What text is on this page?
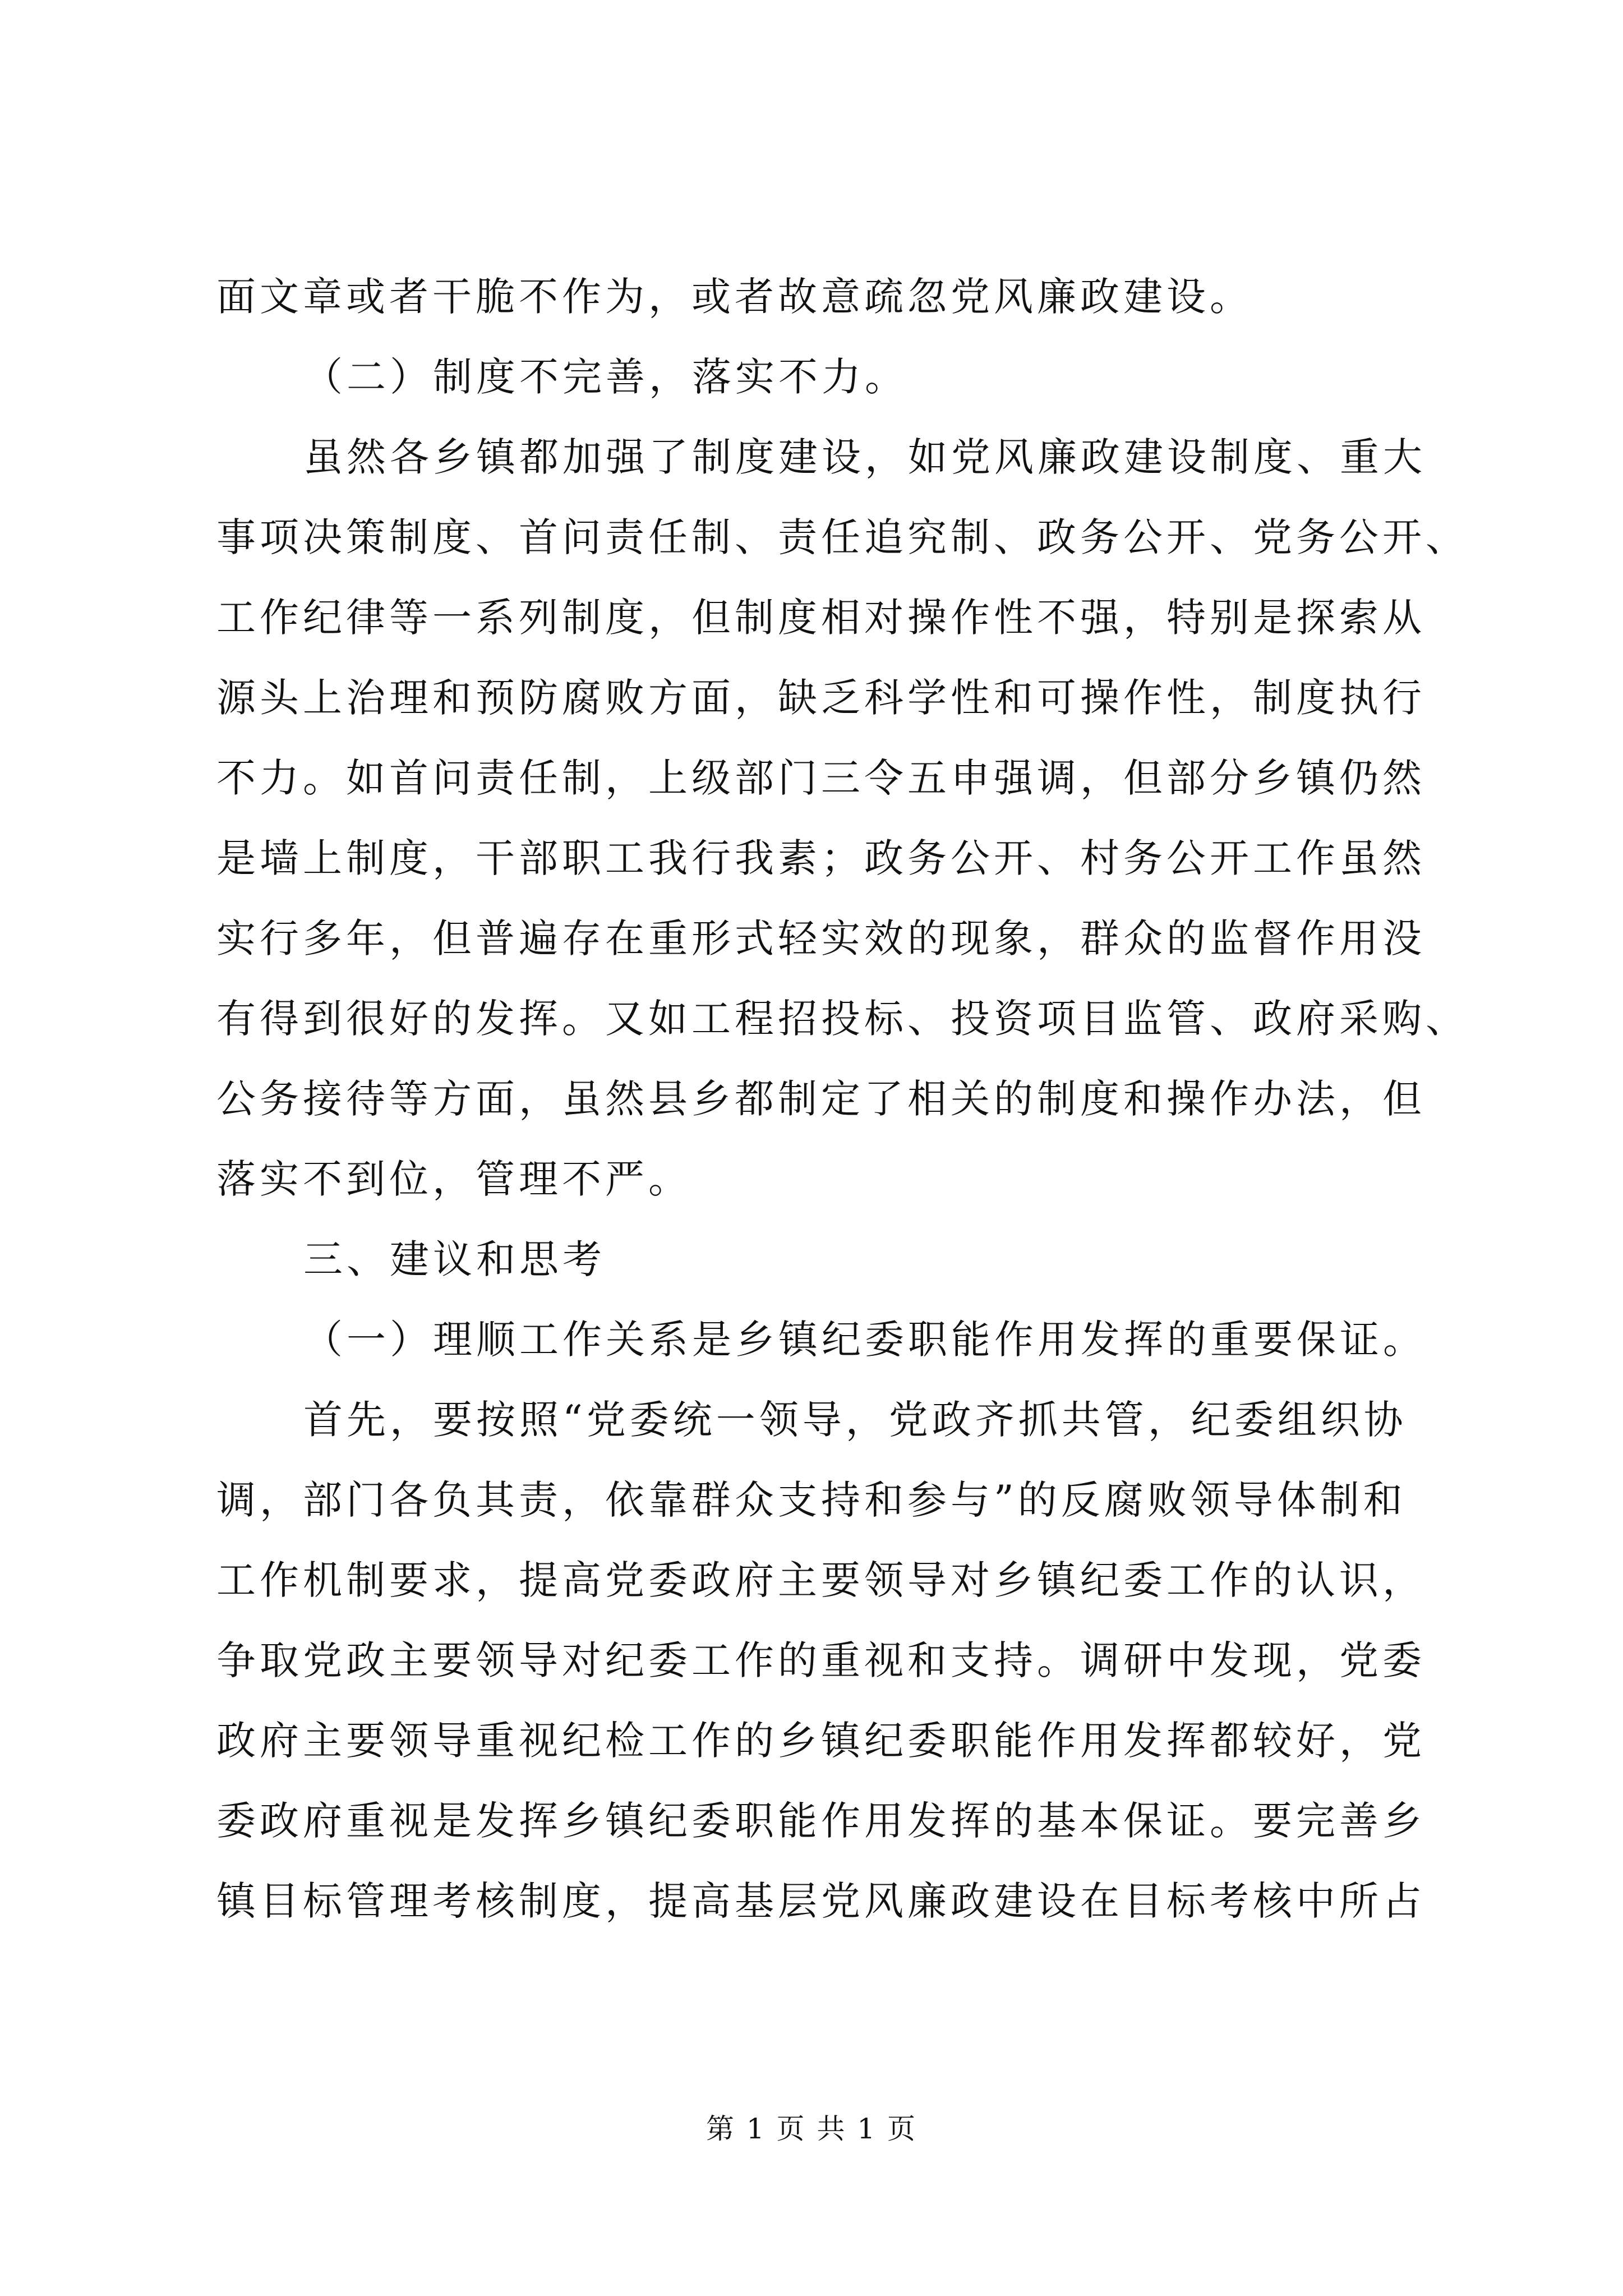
面文章或者干脆不作为，或者故意疏忽党风廉政建设。
（二）制度不完善，落实不力。
虽然各乡镇都加强了制度建设，如党风廉政建设制度、重大
事项决策制度、首问责任制、责任追究制、政务公开、党务公开、
工作纪律等一系列制度，但制度相对操作性不强，特别是探索从
源头上治理和预防腐败方面，缺乏科学性和可操作性，制度执行
不力。如首问责任制，上级部门三令五申强调，但部分乡镇仍然
是墙上制度，干部职工我行我素；政务公开、村务公开工作虽然
实行多年，但普遍存在重形式轻实效的现象，群众的监督作用没
有得到很好的发挥。又如工程招投标、投资项目监管、政府采购、
公务接待等方面，虽然县乡都制定了相关的制度和操作办法，但
落实不到位，管理不严。
三、建议和思考
（一）理顺工作关系是乡镇纪委职能作用发挥的重要保证。
首先，要按照“党委统一领导，党政齐抓共管，纪委组织协
调，部门各负其责，依靠群众支持和参与”的反腐败领导体制和
工作机制要求，提高党委政府主要领导对乡镇纪委工作的认识，
争取党政主要领导对纪委工作的重视和支持。调研中发现，党委
政府主要领导重视纪检工作的乡镇纪委职能作用发挥都较好，党
委政府重视是发挥乡镇纪委职能作用发挥的基本保证。要完善乡
镇目标管理考核制度，提高基层党风廉政建设在目标考核中所占
第 1 页 共 1 页
